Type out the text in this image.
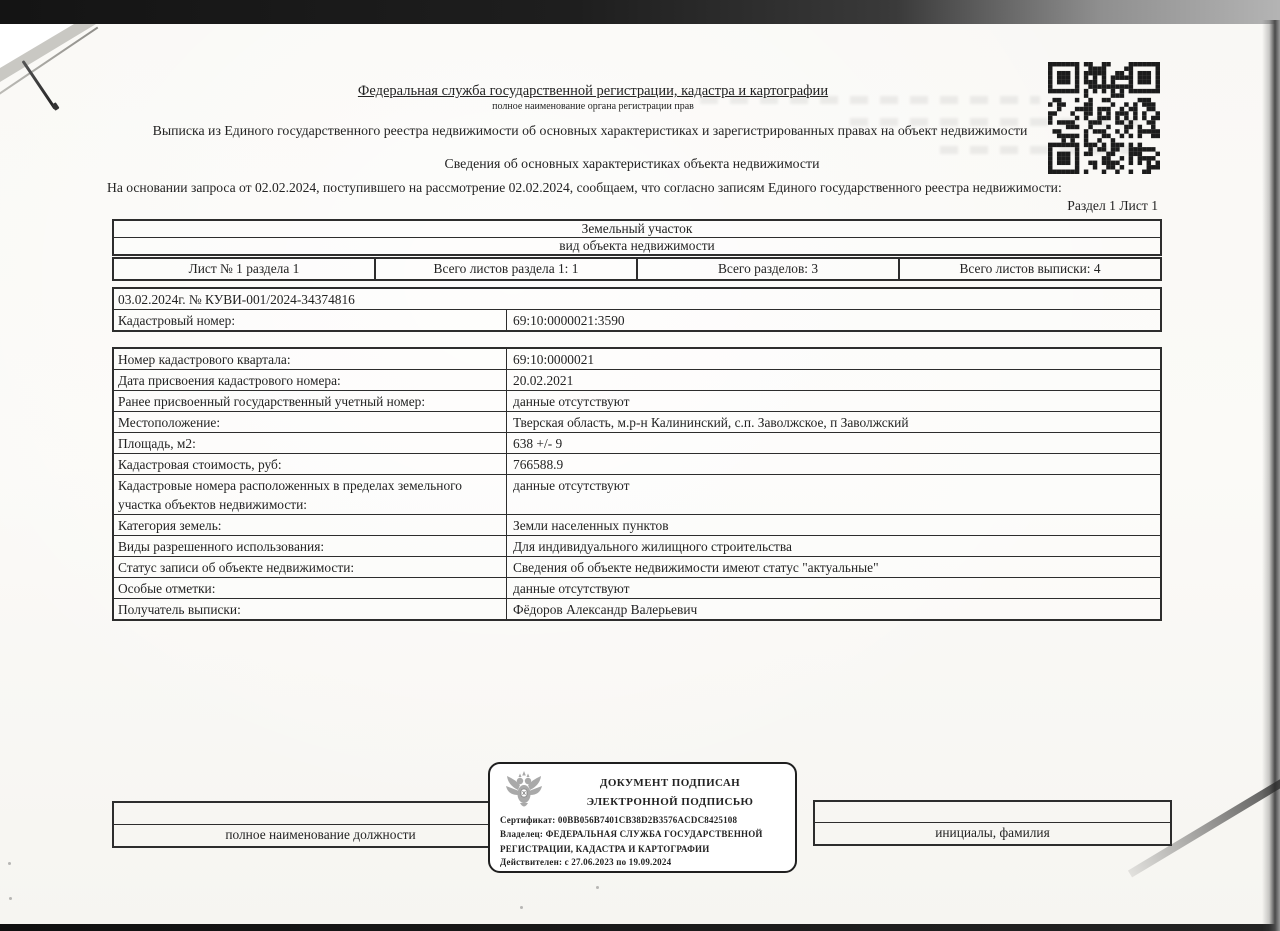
Федеральная служба государственной регистрации, кадастра и картографии
полное наименование органа регистрации прав
Выписка из Единого государственного реестра недвижимости об основных характеристиках и зарегистрированных правах на объект недвижимости
Сведения об основных характеристиках объекта недвижимости
На основании запроса от 02.02.2024, поступившего на рассмотрение 02.02.2024, сообщаем, что согласно записям Единого государственного реестра недвижимости:
Раздел 1 Лист 1
Земельный участок
вид объекта недвижимости
Лист № 1 раздела 1	Всего листов раздела 1: 1	Всего разделов: 3	Всего листов выписки: 4
03.02.2024г. № КУВИ-001/2024-34374816
Кадастровый номер:	69:10:0000021:3590
Номер кадастрового квартала:	69:10:0000021
Дата присвоения кадастрового номера:	20.02.2021
Ранее присвоенный государственный учетный номер:	данные отсутствуют
Местоположение:	Тверская область, м.р-н Калининский, с.п. Заволжское, п Заволжский
Площадь, м2:	638 +/- 9
Кадастровая стоимость, руб:	766588.9
Кадастровые номера расположенных в пределах земельного участка объектов недвижимости:
данные отсутствуют
Категория земель:	Земли населенных пунктов
Виды разрешенного использования:	Для индивидуального жилищного строительства
Статус записи об объекте недвижимости:	Сведения об объекте недвижимости имеют статус "актуальные"
Особые отметки:	данные отсутствуют
Получатель выписки:	Фёдоров Александр Валерьевич
полное наименование должности	инициалы, фамилия
ДОКУМЕНТ ПОДПИСАН
ЭЛЕКТРОННОЙ ПОДПИСЬЮ
Сертификат: 00BB056B7401CB38D2B3576ACDC8425108
Владелец: ФЕДЕРАЛЬНАЯ СЛУЖБА ГОСУДАРСТВЕННОЙ
РЕГИСТРАЦИИ, КАДАСТРА И КАРТОГРАФИИ
Действителен: с 27.06.2023 по 19.09.2024
